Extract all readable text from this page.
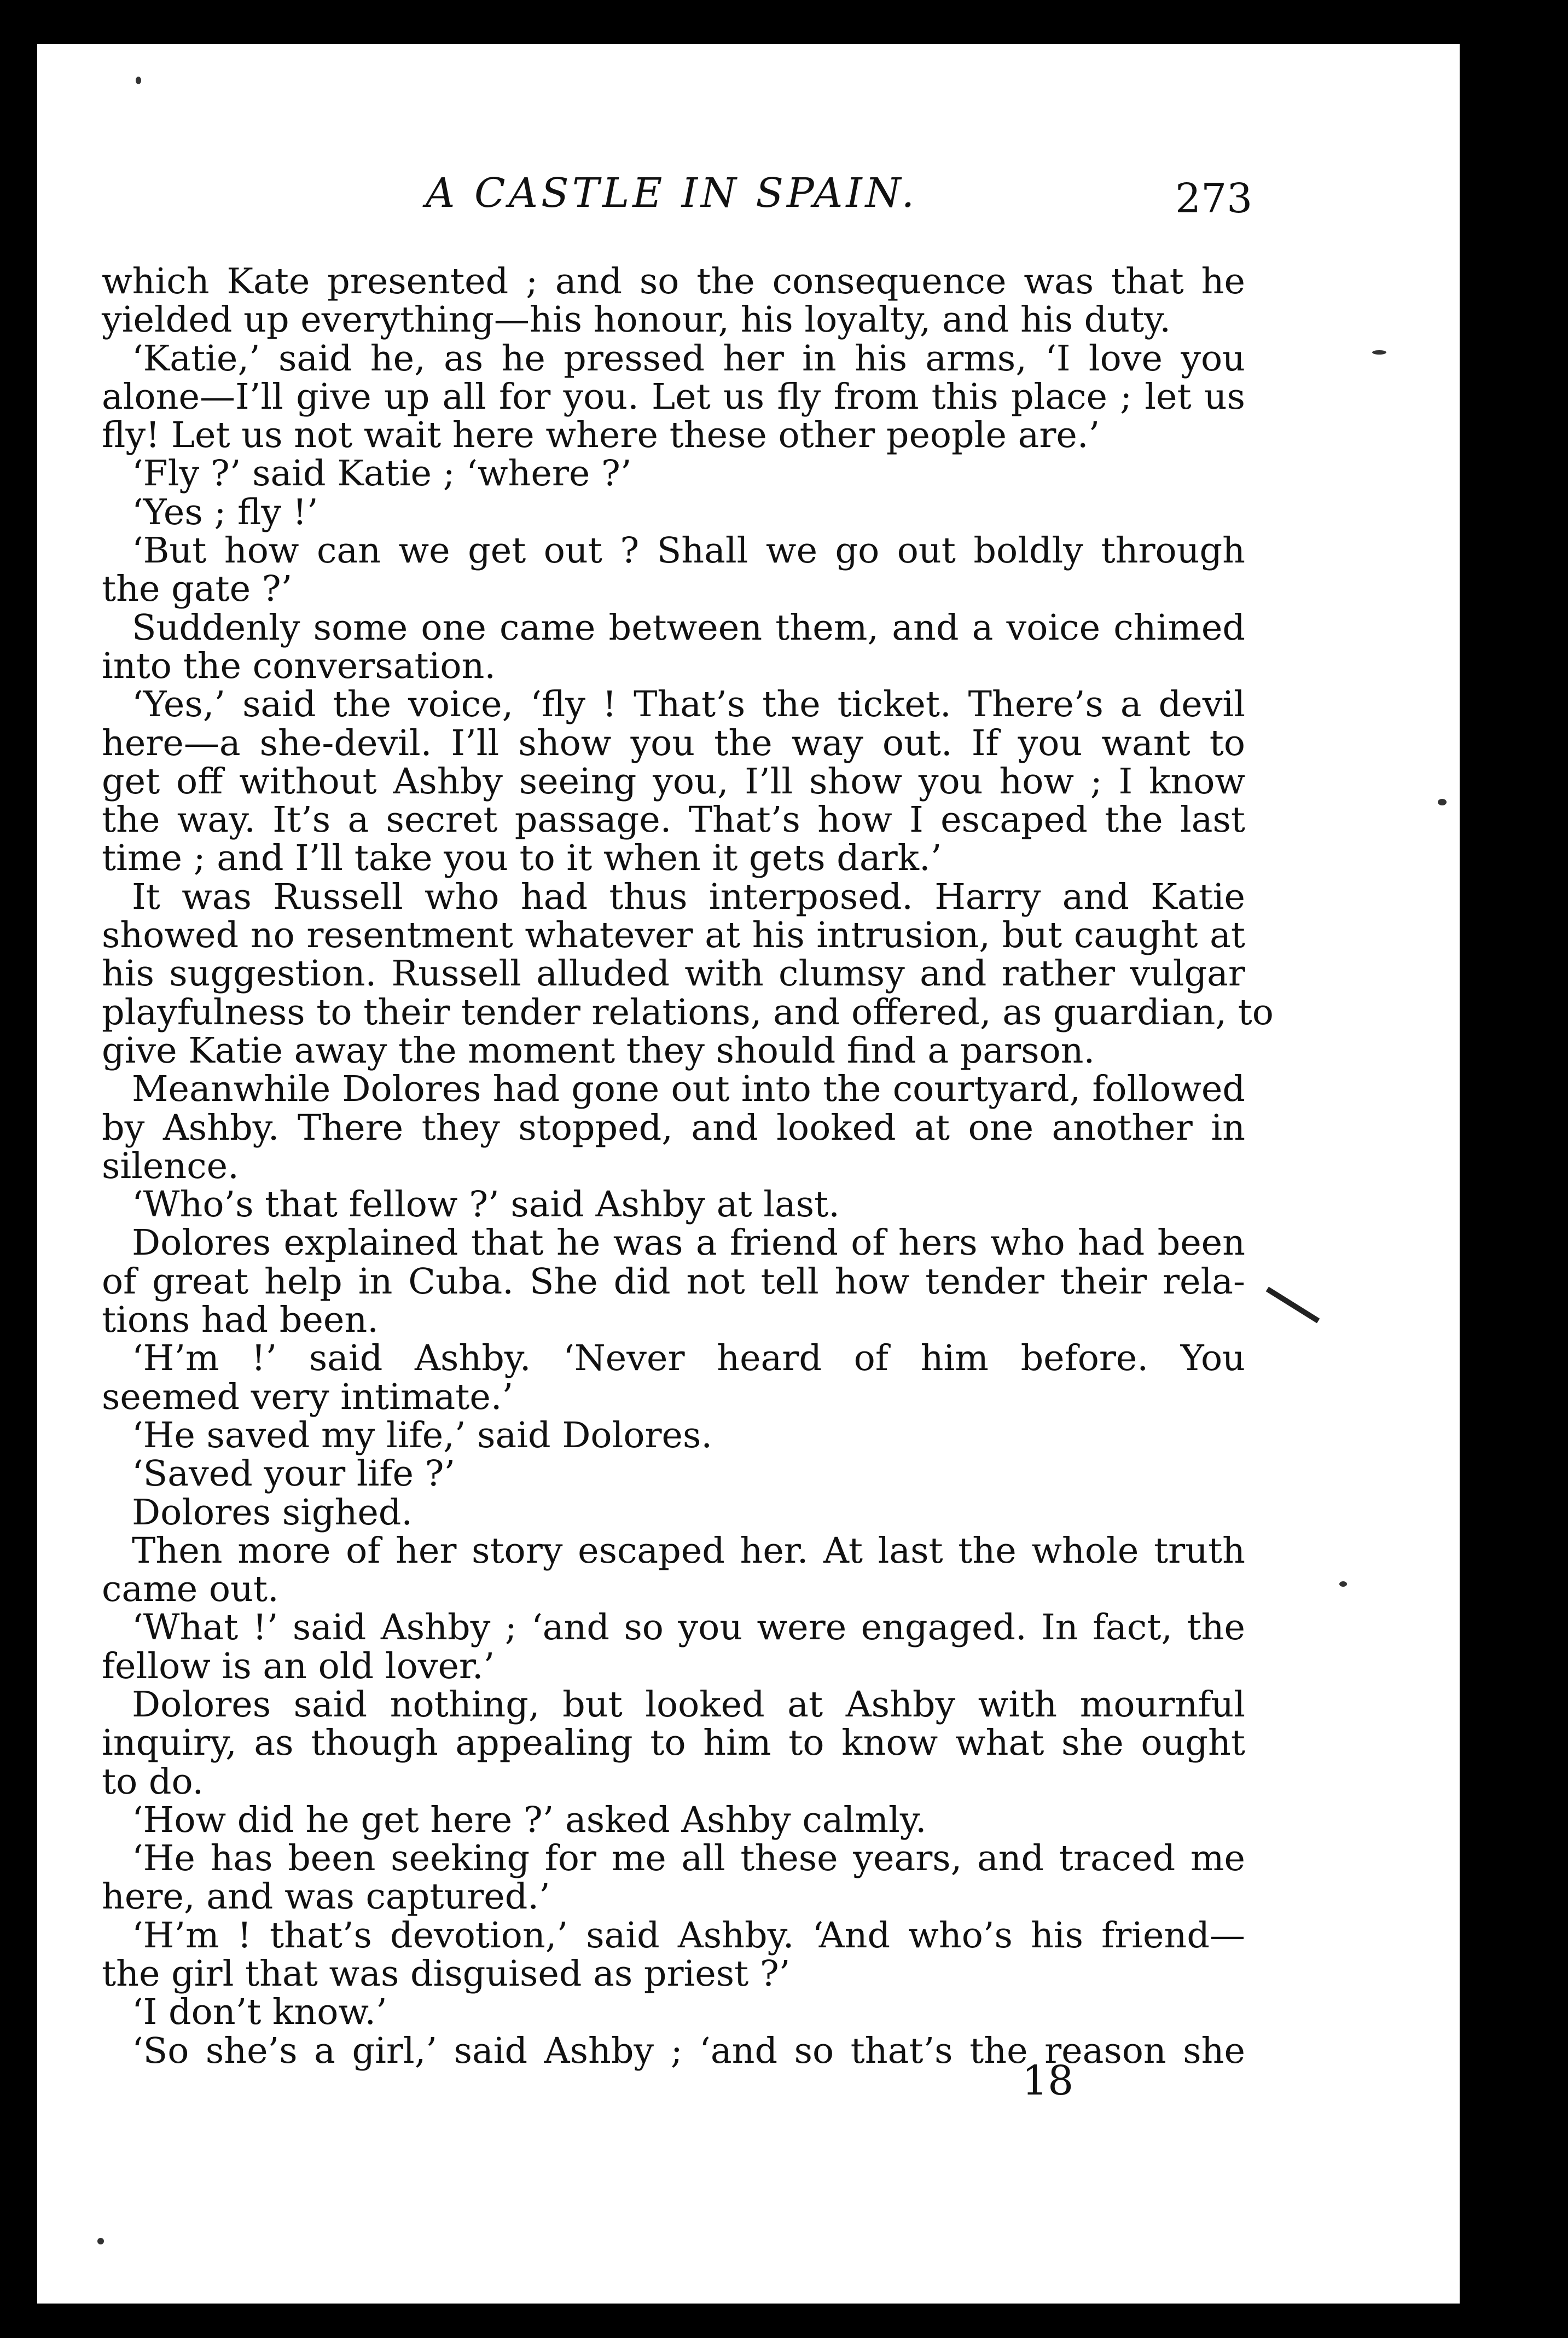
A CASTLE IN SPAIN.	273
which Kate presented ; and so the consequence was that he
yielded up everything—his honour, his loyalty, and his duty.
‘Katie,’ said he, as he pressed her in his arms, ‘I love you
alone—I’ll give up all for you. Let us fly from this place ; let us
fly! Let us not wait here where these other people are.’
‘Fly ?’ said Katie ; ‘where ?’
‘Yes ; fly !’
‘But how can we get out ? Shall we go out boldly through
the gate ?’
Suddenly some one came between them, and a voice chimed
into the conversation.
‘Yes,’ said the voice, ‘fly ! That’s the ticket. There’s a devil
here—a she-devil. I’ll show you the way out. If you want to
get off without Ashby seeing you, I’ll show you how ; I know
the way. It’s a secret passage. That’s how I escaped the last
time ; and I’ll take you to it when it gets dark.’
It was Russell who had thus interposed. Harry and Katie
showed no resentment whatever at his intrusion, but caught at
his suggestion. Russell alluded with clumsy and rather vulgar
playfulness to their tender relations, and offered, as guardian, to
give Katie away the moment they should find a parson.
Meanwhile Dolores had gone out into the courtyard, followed
by Ashby. There they stopped, and looked at one another in
silence.
‘Who’s that fellow ?’ said Ashby at last.
Dolores explained that he was a friend of hers who had been
of great help in Cuba. She did not tell how tender their rela-
tions had been.
‘H’m !’ said Ashby. ‘Never heard of him before. You
seemed very intimate.’
‘He saved my life,’ said Dolores.
‘Saved your life ?’
Dolores sighed.
Then more of her story escaped her. At last the whole truth
came out.
‘What !’ said Ashby ; ‘and so you were engaged. In fact, the
fellow is an old lover.’
Dolores said nothing, but looked at Ashby with mournful
inquiry, as though appealing to him to know what she ought
to do.
‘How did he get here ?’ asked Ashby calmly.
‘He has been seeking for me all these years, and traced me
here, and was captured.’
‘H’m ! that’s devotion,’ said Ashby. ‘And who’s his friend—
the girl that was disguised as priest ?’
‘I don’t know.’
‘So she’s a girl,’ said Ashby ; ‘and so that’s the reason she
18
